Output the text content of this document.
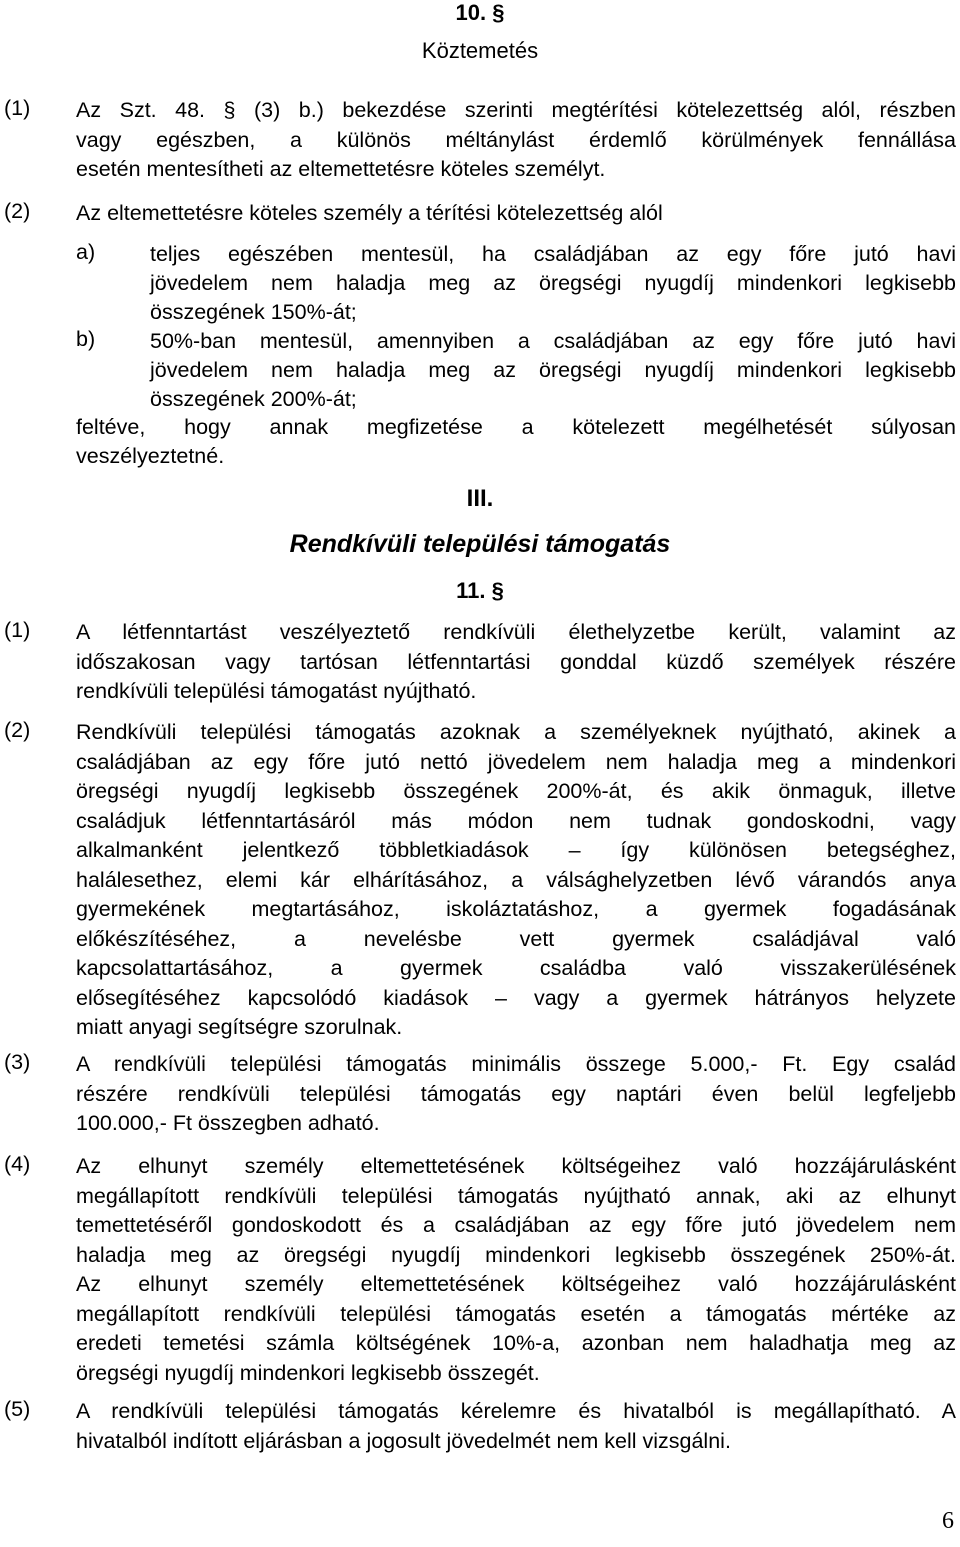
10. §
Köztemetés
(1) Az Szt. 48. § (3) b.) bekezdése szerinti megtérítési kötelezettség alól, részben
vagy egészben, a különös méltánylást érdemlő körülmények fennállása
esetén mentesítheti az eltemettetésre köteles személyt.
(2) Az eltemettetésre köteles személy a térítési kötelezettség alól
a)	teljes egészében mentesül, ha családjában az egy főre jutó havi
jövedelem nem haladja meg az öregségi nyugdíj mindenkori legkisebb
összegének 150%-át;
b)	50%-ban mentesül, amennyiben a családjában az egy főre jutó havi
jövedelem nem haladja meg az öregségi nyugdíj mindenkori legkisebb
összegének 200%-át;
feltéve, hogy annak megfizetése a kötelezett megélhetését súlyosan
veszélyeztetné.
III.
Rendkívüli települési támogatás
11. §
(1) A létfenntartást veszélyeztető rendkívüli élethelyzetbe került, valamint az
időszakosan vagy tartósan létfenntartási gonddal küzdő személyek részére
rendkívüli települési támogatást nyújtható.
(2) Rendkívüli települési támogatás azoknak a személyeknek nyújtható, akinek a
családjában az egy főre jutó nettó jövedelem nem haladja meg a mindenkori
öregségi nyugdíj legkisebb összegének 200%-át, és akik önmaguk, illetve
családjuk létfenntartásáról más módon nem tudnak gondoskodni, vagy
alkalmanként jelentkező többletkiadások – így különösen betegséghez,
halálesethez, elemi kár elhárításához, a válsághelyzetben lévő várandós anya
gyermekének megtartásához, iskoláztatáshoz, a gyermek fogadásának
előkészítéséhez, a nevelésbe vett gyermek családjával való
kapcsolattartásához, a gyermek családba való visszakerülésének
elősegítéséhez kapcsolódó kiadások – vagy a gyermek hátrányos helyzete
miatt anyagi segítségre szorulnak.
(3) A rendkívüli települési támogatás minimális összege 5.000,- Ft. Egy család
részére rendkívüli települési támogatás egy naptári éven belül legfeljebb
100.000,- Ft összegben adható.
(4) Az elhunyt személy eltemettetésének költségeihez való hozzájárulásként
megállapított rendkívüli települési támogatás nyújtható annak, aki az elhunyt
temettetéséről gondoskodott és a családjában az egy főre jutó jövedelem nem
haladja meg az öregségi nyugdíj mindenkori legkisebb összegének 250%-át.
Az elhunyt személy eltemettetésének költségeihez való hozzájárulásként
megállapított rendkívüli települési támogatás esetén a támogatás mértéke az
eredeti temetési számla költségének 10%-a, azonban nem haladhatja meg az
öregségi nyugdíj mindenkori legkisebb összegét.
(5) A rendkívüli települési támogatás kérelemre és hivatalból is megállapítható. A
hivatalból indított eljárásban a jogosult jövedelmét nem kell vizsgálni.
6
